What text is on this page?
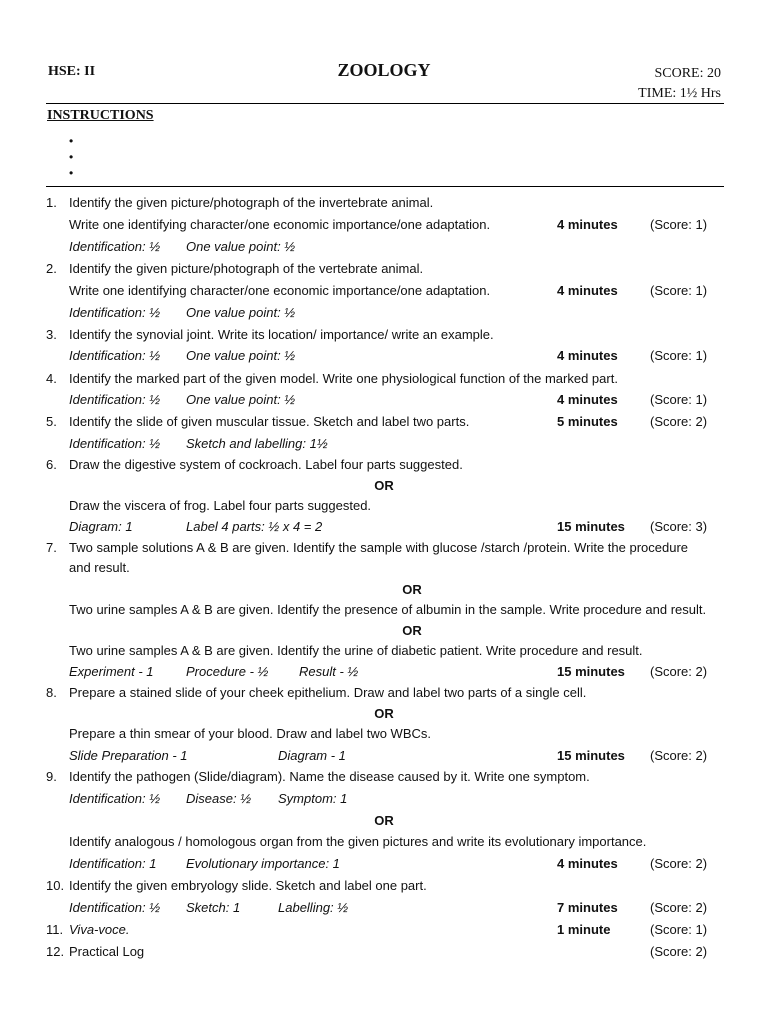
HSE: II	ZOOLOGY	SCORE: 20
TIME: 1½ Hrs
INSTRUCTIONS
•
•
•
1. Identify the given picture/photograph of the invertebrate animal.
Write one identifying character/one economic importance/one adaptation.	4 minutes (Score: 1)
Identification: ½ One value point: ½
2. Identify the given picture/photograph of the vertebrate animal.
Write one identifying character/one economic importance/one adaptation.	4 minutes (Score: 1)
Identification: ½ One value point: ½
3. Identify the synovial joint. Write its location/ importance/ write an example.
Identification: ½ One value point: ½	4 minutes (Score: 1)
4. Identify the marked part of the given model. Write one physiological function of the marked part.
Identification: ½ One value point: ½	4 minutes (Score: 1)
5. Identify the slide of given muscular tissue. Sketch and label two parts.	5 minutes (Score: 2)
Identification: ½ Sketch and labelling: 1½
6. Draw the digestive system of cockroach. Label four parts suggested.
OR
Draw the viscera of frog. Label four parts suggested.
Diagram: 1	Label 4 parts: ½ x 4 = 2	15 minutes (Score: 3)
7. Two sample solutions A & B are given. Identify the sample with glucose /starch /protein. Write the procedure
and result.
OR
Two urine samples A & B are given. Identify the presence of albumin in the sample. Write procedure and result.
OR
Two urine samples A & B are given. Identify the urine of diabetic patient. Write procedure and result.
Experiment - 1 Procedure - ½ Result - ½	15 minutes (Score: 2)
8. Prepare a stained slide of your cheek epithelium. Draw and label two parts of a single cell.
OR
Prepare a thin smear of your blood. Draw and label two WBCs.
Slide Preparation - 1	Diagram - 1	15 minutes (Score: 2)
9. Identify the pathogen (Slide/diagram). Name the disease caused by it. Write one symptom.
Identification: ½ Disease: ½ Symptom: 1
OR
Identify analogous / homologous organ from the given pictures and write its evolutionary importance.
Identification: 1 Evolutionary importance: 1	4 minutes (Score: 2)
10. Identify the given embryology slide. Sketch and label one part.
Identification: ½ Sketch: 1	Labelling: ½	7 minutes (Score: 2)
11. Viva-voce.	1 minute	(Score: 1)
12. Practical Log	(Score: 2)
